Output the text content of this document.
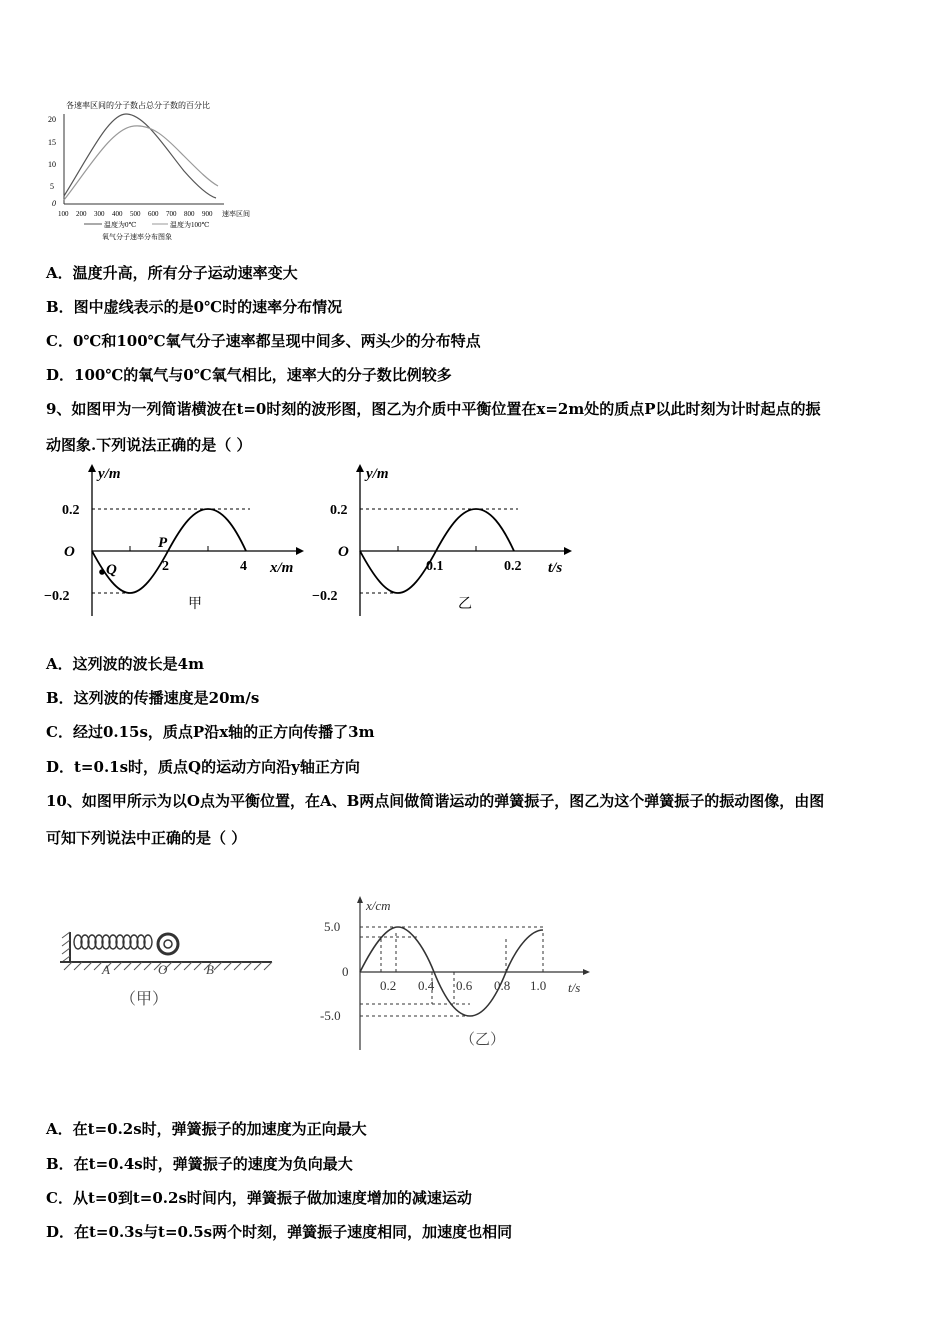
各速率区间的分子数占总分子数的百分比
20
15
10
5
0
100 200 300 400 500 600 700 800 900 速率区间
温度为0℃	温度为100℃
氧气分子速率分布图象
A．温度升高，所有分子运动速率变大
B．图中虚线表示的是0℃时的速率分布情况
C．0℃和100℃氧气分子速率都呈现中间多、两头少的分布特点
D．100℃的氧气与0℃氧气相比，速率大的分子数比例较多
9、如图甲为一列简谐横波在t=0时刻的波形图，图乙为介质中平衡位置在x=2m处的质点P以此时刻为计时起点的振
动图象.下列说法正确的是（ ）
y/m
x/m
O
0.2
−0.2
2	4
P
Q
甲
y/m
t/s
O
0.2
−0.2
0.1	0.2
乙
A．这列波的波长是4m
B．这列波的传播速度是20m/s
C．经过0.15s，质点P沿x轴的正方向传播了3m
D．t=0.1s时，质点Q的运动方向沿y轴正方向
10、如图甲所示为以O点为平衡位置，在A、B两点间做简谐运动的弹簧振子，图乙为这个弹簧振子的振动图像，由图
可知下列说法中正确的是（ ）
A	O	B
（甲）
x/cm
t/s
5.0
0
-5.0
0.2 0.4 0.6 0.8 1.0
（乙）
A．在t=0.2s时，弹簧振子的加速度为正向最大
B．在t=0.4s时，弹簧振子的速度为负向最大
C．从t=0到t=0.2s时间内，弹簧振子做加速度增加的减速运动
D．在t=0.3s与t=0.5s两个时刻，弹簧振子速度相同，加速度也相同
